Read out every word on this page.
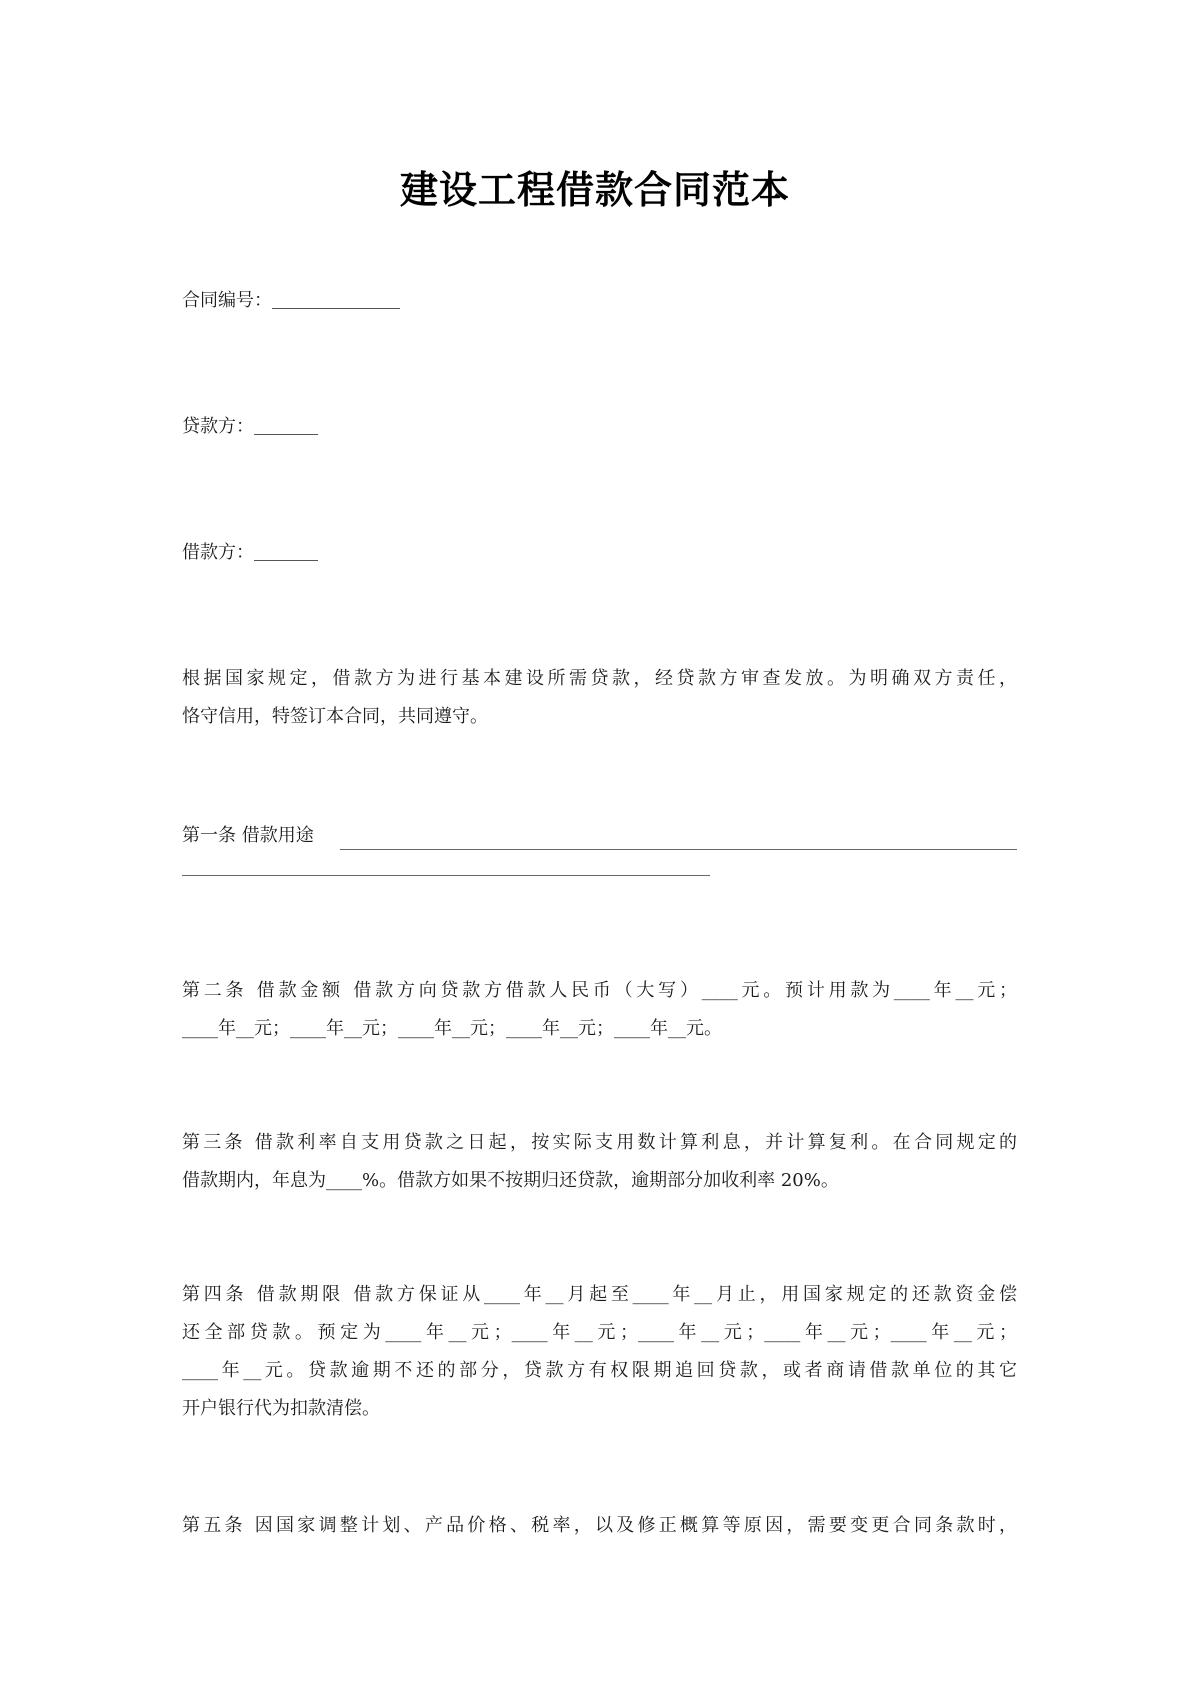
建设工程借款合同范本
合同编号：
贷款方：
借款方：
根据国家规定，借款方为进行基本建设所需贷款，经贷款方审查发放。为明确双方责任，
恪守信用，特签订本合同，共同遵守。
第一条 借款用途
第二条 借款金额 借款方向贷款方借款人民币（大写）____元。预计用款为____年__元；
____年__元；____年__元；____年__元；____年__元；____年__元。
第三条 借款利率自支用贷款之日起，按实际支用数计算利息，并计算复利。在合同规定的
借款期内，年息为____%。借款方如果不按期归还贷款，逾期部分加收利率 20%。
第四条 借款期限 借款方保证从____年__月起至____年__月止，用国家规定的还款资金偿
还全部贷款。预定为____年__元；____年__元；____年__元；____年__元；____年__元；
____年__元。贷款逾期不还的部分，贷款方有权限期追回贷款，或者商请借款单位的其它
开户银行代为扣款清偿。
第五条 因国家调整计划、产品价格、税率，以及修正概算等原因，需要变更合同条款时，
